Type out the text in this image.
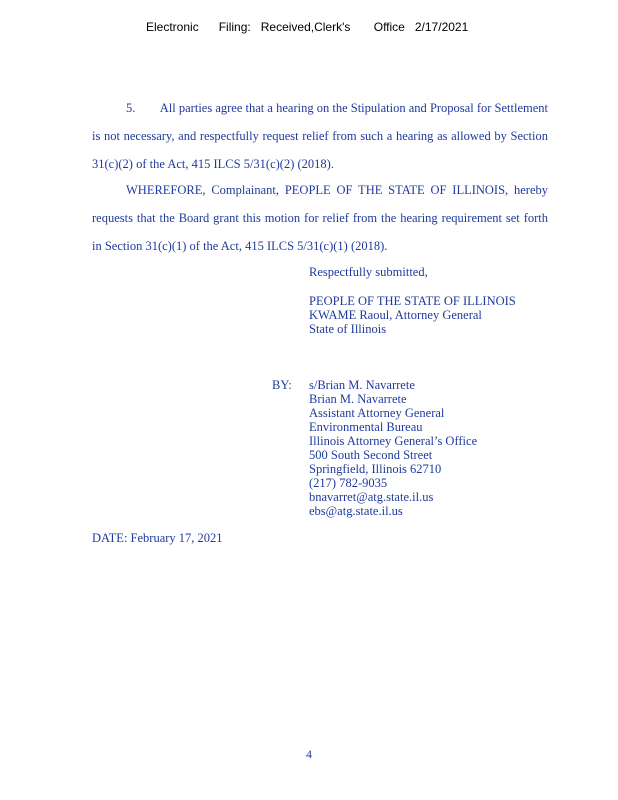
Electronic Filing: Received,Clerk's Office 2/17/2021
5.        All parties agree that a hearing on the Stipulation and Proposal for Settlement is not necessary, and respectfully request relief from such a hearing as allowed by Section 31(c)(2) of the Act, 415 ILCS 5/31(c)(2) (2018).
WHEREFORE, Complainant, PEOPLE OF THE STATE OF ILLINOIS, hereby requests that the Board grant this motion for relief from the hearing requirement set forth in Section 31(c)(1) of the Act, 415 ILCS 5/31(c)(1) (2018).
Respectfully submitted,
PEOPLE OF THE STATE OF ILLINOIS
KWAME Raoul, Attorney General
State of Illinois
BY: s/Brian M. Navarrete
Brian M. Navarrete
Assistant Attorney General
Environmental Bureau
Illinois Attorney General’s Office
500 South Second Street
Springfield, Illinois 62710
(217) 782-9035
bnavarret@atg.state.il.us
ebs@atg.state.il.us
DATE: February 17, 2021
4
